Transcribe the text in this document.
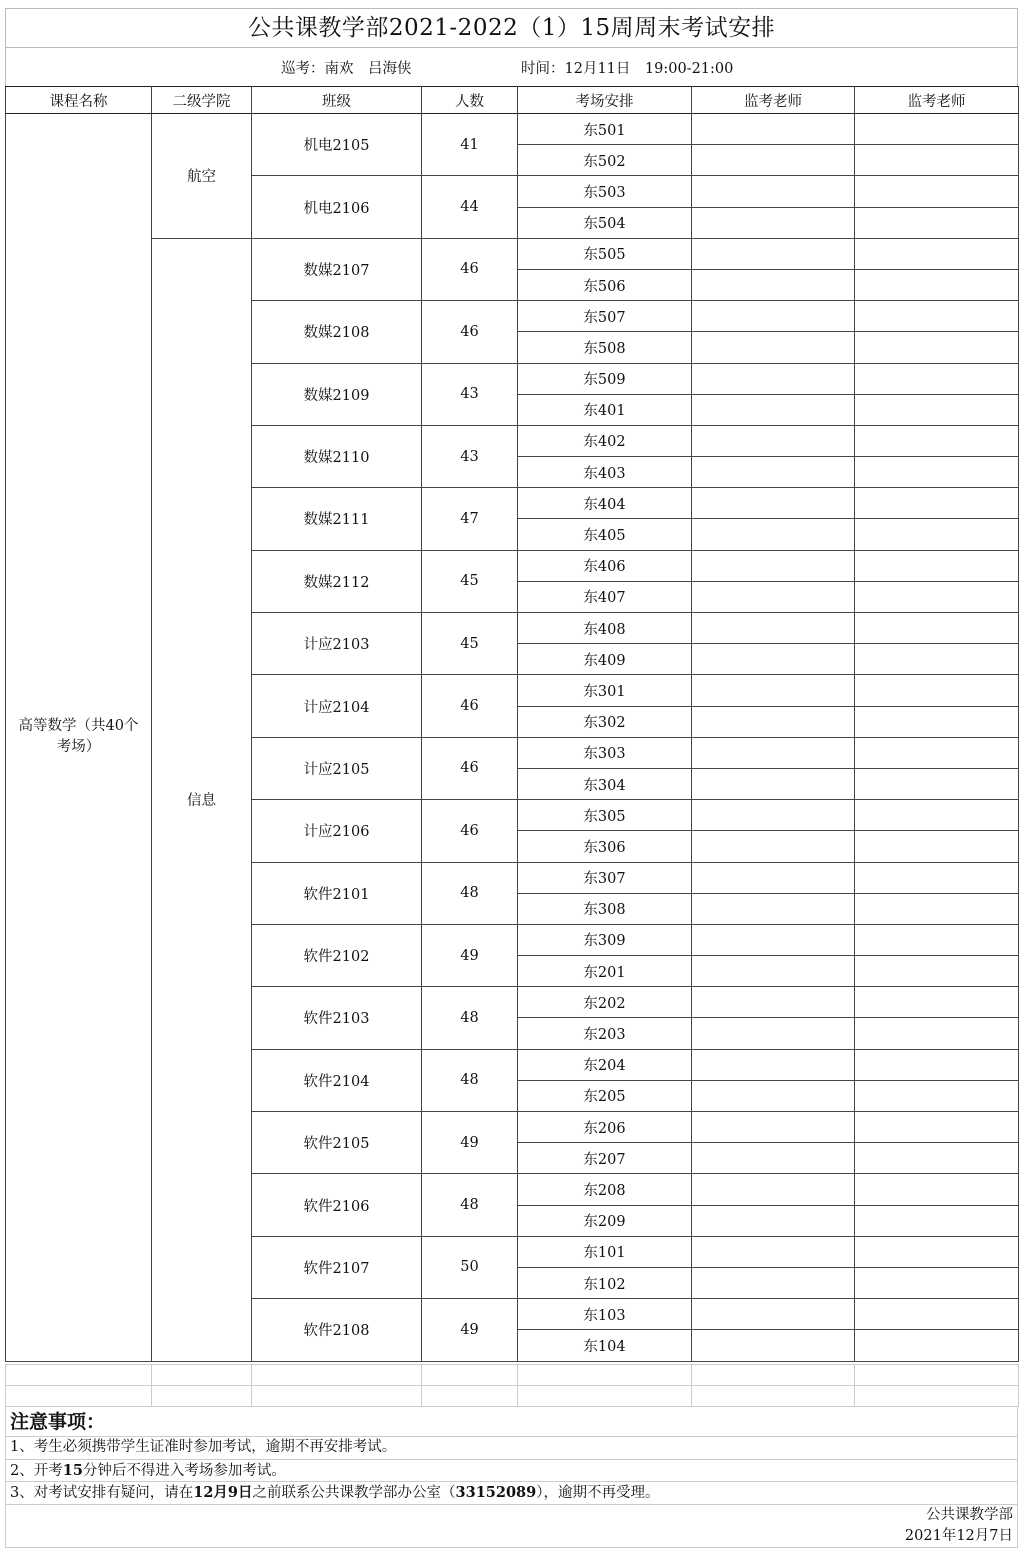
公共课教学部2021-2022（1）15周周末考试安排
巡考：南欢　吕海侠	时间：12月11日　19:00-21:00
课程名称	二级学院	班级	人数	考场安排	监考老师	监考老师
高等数学（共40个考场）	航空	机电2105	41	东501		
				东502		
		机电2106	44	东503		
				东504		
	信息	数媒2107	46	东505		
				东506		
		数媒2108	46	东507		
				东508		
		数媒2109	43	东509		
				东401		
		数媒2110	43	东402		
				东403		
		数媒2111	47	东404		
				东405		
		数媒2112	45	东406		
				东407		
		计应2103	45	东408		
				东409		
		计应2104	46	东301		
				东302		
		计应2105	46	东303		
				东304		
		计应2106	46	东305		
				东306		
		软件2101	48	东307		
				东308		
		软件2102	49	东309		
				东201		
		软件2103	48	东202		
				东203		
		软件2104	48	东204		
				东205		
		软件2105	49	东206		
				东207		
		软件2106	48	东208		
				东209		
		软件2107	50	东101		
				东102		
		软件2108	49	东103		
				东104		

注意事项：
1、考生必须携带学生证准时参加考试，逾期不再安排考试。
2、开考15分钟后不得进入考场参加考试。
3、对考试安排有疑问，请在12月9日之前联系公共课教学部办公室（33152089），逾期不再受理。
公共课教学部
2021年12月7日
